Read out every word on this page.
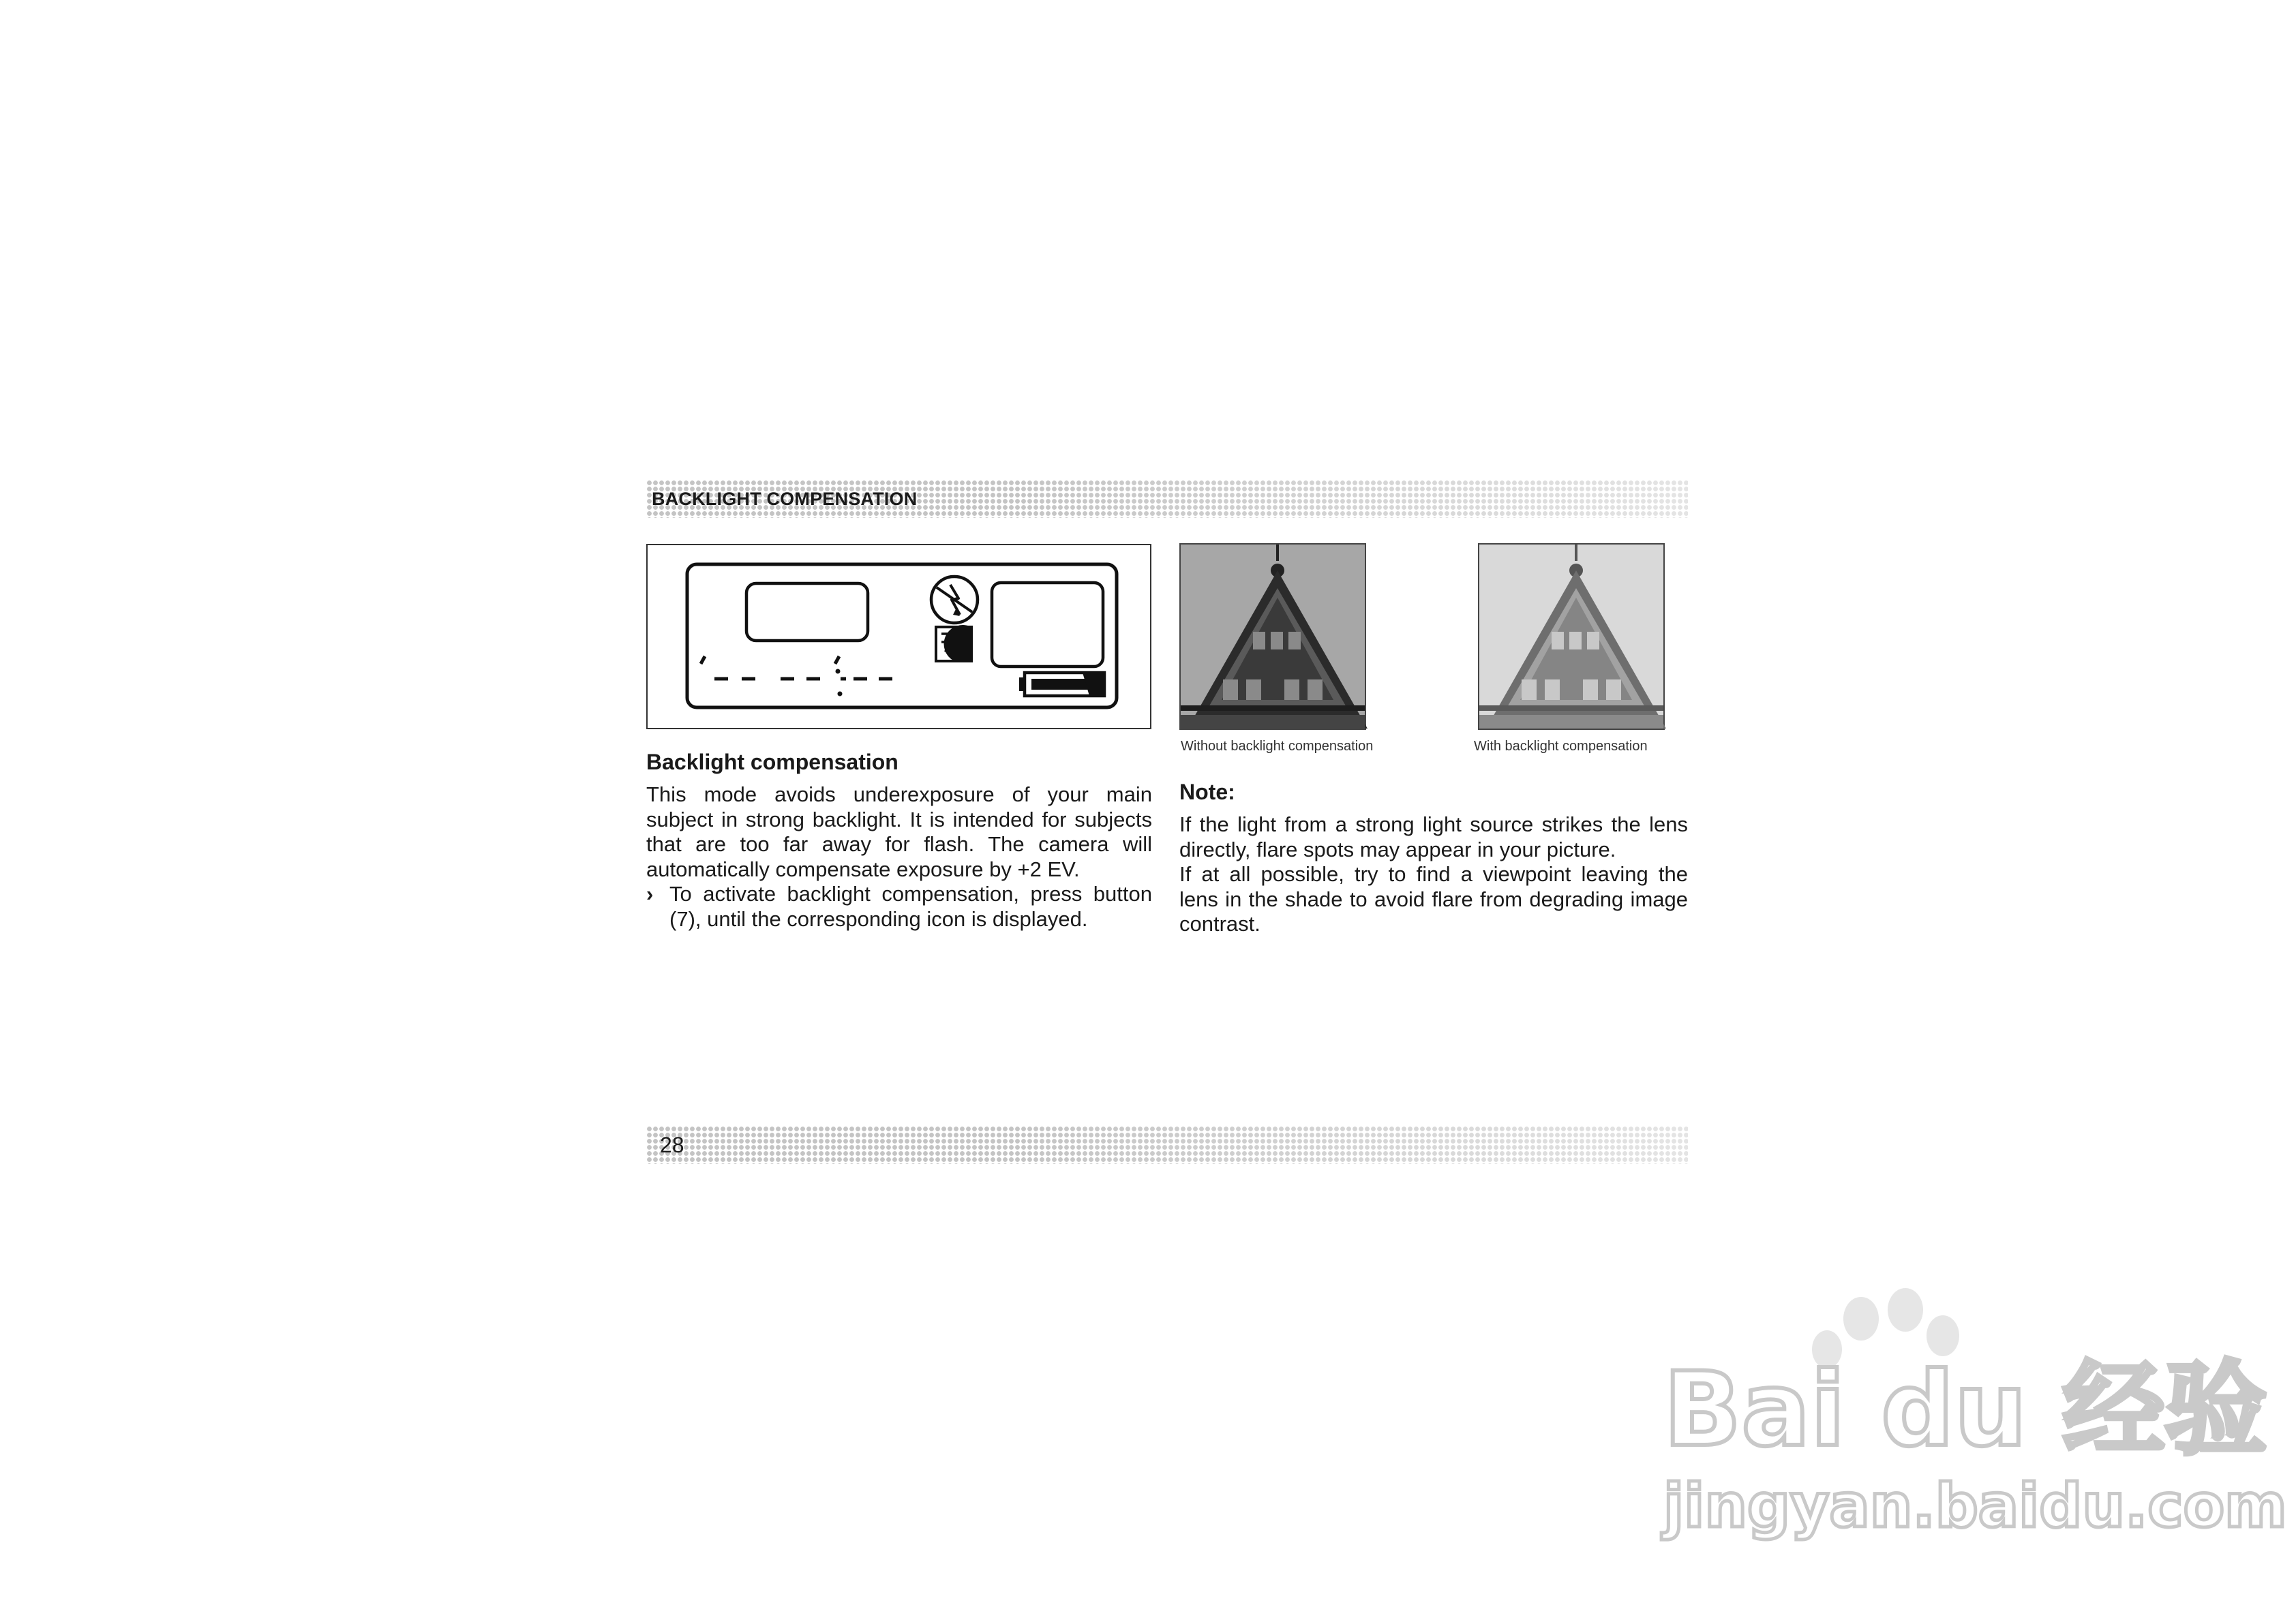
BACKLIGHT COMPENSATION
Without backlight compensation	With backlight compensation
Backlight compensation

This mode avoids underexposure of your main subject in strong backlight. It is intended for subjects that are too far away for flash. The camera will automatically compensate exposure by +2 EV.

› To activate backlight compensation, press button (7), until the corresponding icon is displayed.
Note:

If the light from a strong light source strikes the lens directly, flare spots may appear in your picture.

If at all possible, try to find a viewpoint leaving the lens in the shade to avoid flare from degrading image contrast.

28
Bai du 经验
jingyan.baidu.com
